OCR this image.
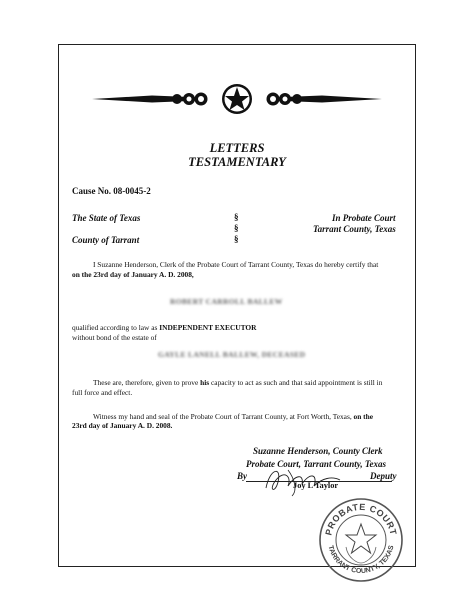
LETTERS
TESTAMENTARY
Cause No. 08-0045-2
The State of Texas
County of Tarrant
§
§
§
In Probate Court
Tarrant County, Texas
I Suzanne Henderson, Clerk of the Probate Court of Tarrant County, Texas do hereby certify that
on the 23rd day of January A. D. 2008,
ROBERT CARROLL BALLEW
qualified according to law as INDEPENDENT EXECUTOR
without bond of the estate of
GAYLE LANELL BALLEW, DECEASED
These are, therefore, given to prove his capacity to act as such and that said appointment is still in
full force and effect.
Witness my hand and seal of the Probate Court of Tarrant County, at Fort Worth, Texas, on the
23rd day of January A. D. 2008.
Suzanne Henderson, County Clerk
Probate Court, Tarrant County, Texas
By	Deputy
Joy L Taylor
PROBATE COURT
TARRANT COUNTY, TEXAS
